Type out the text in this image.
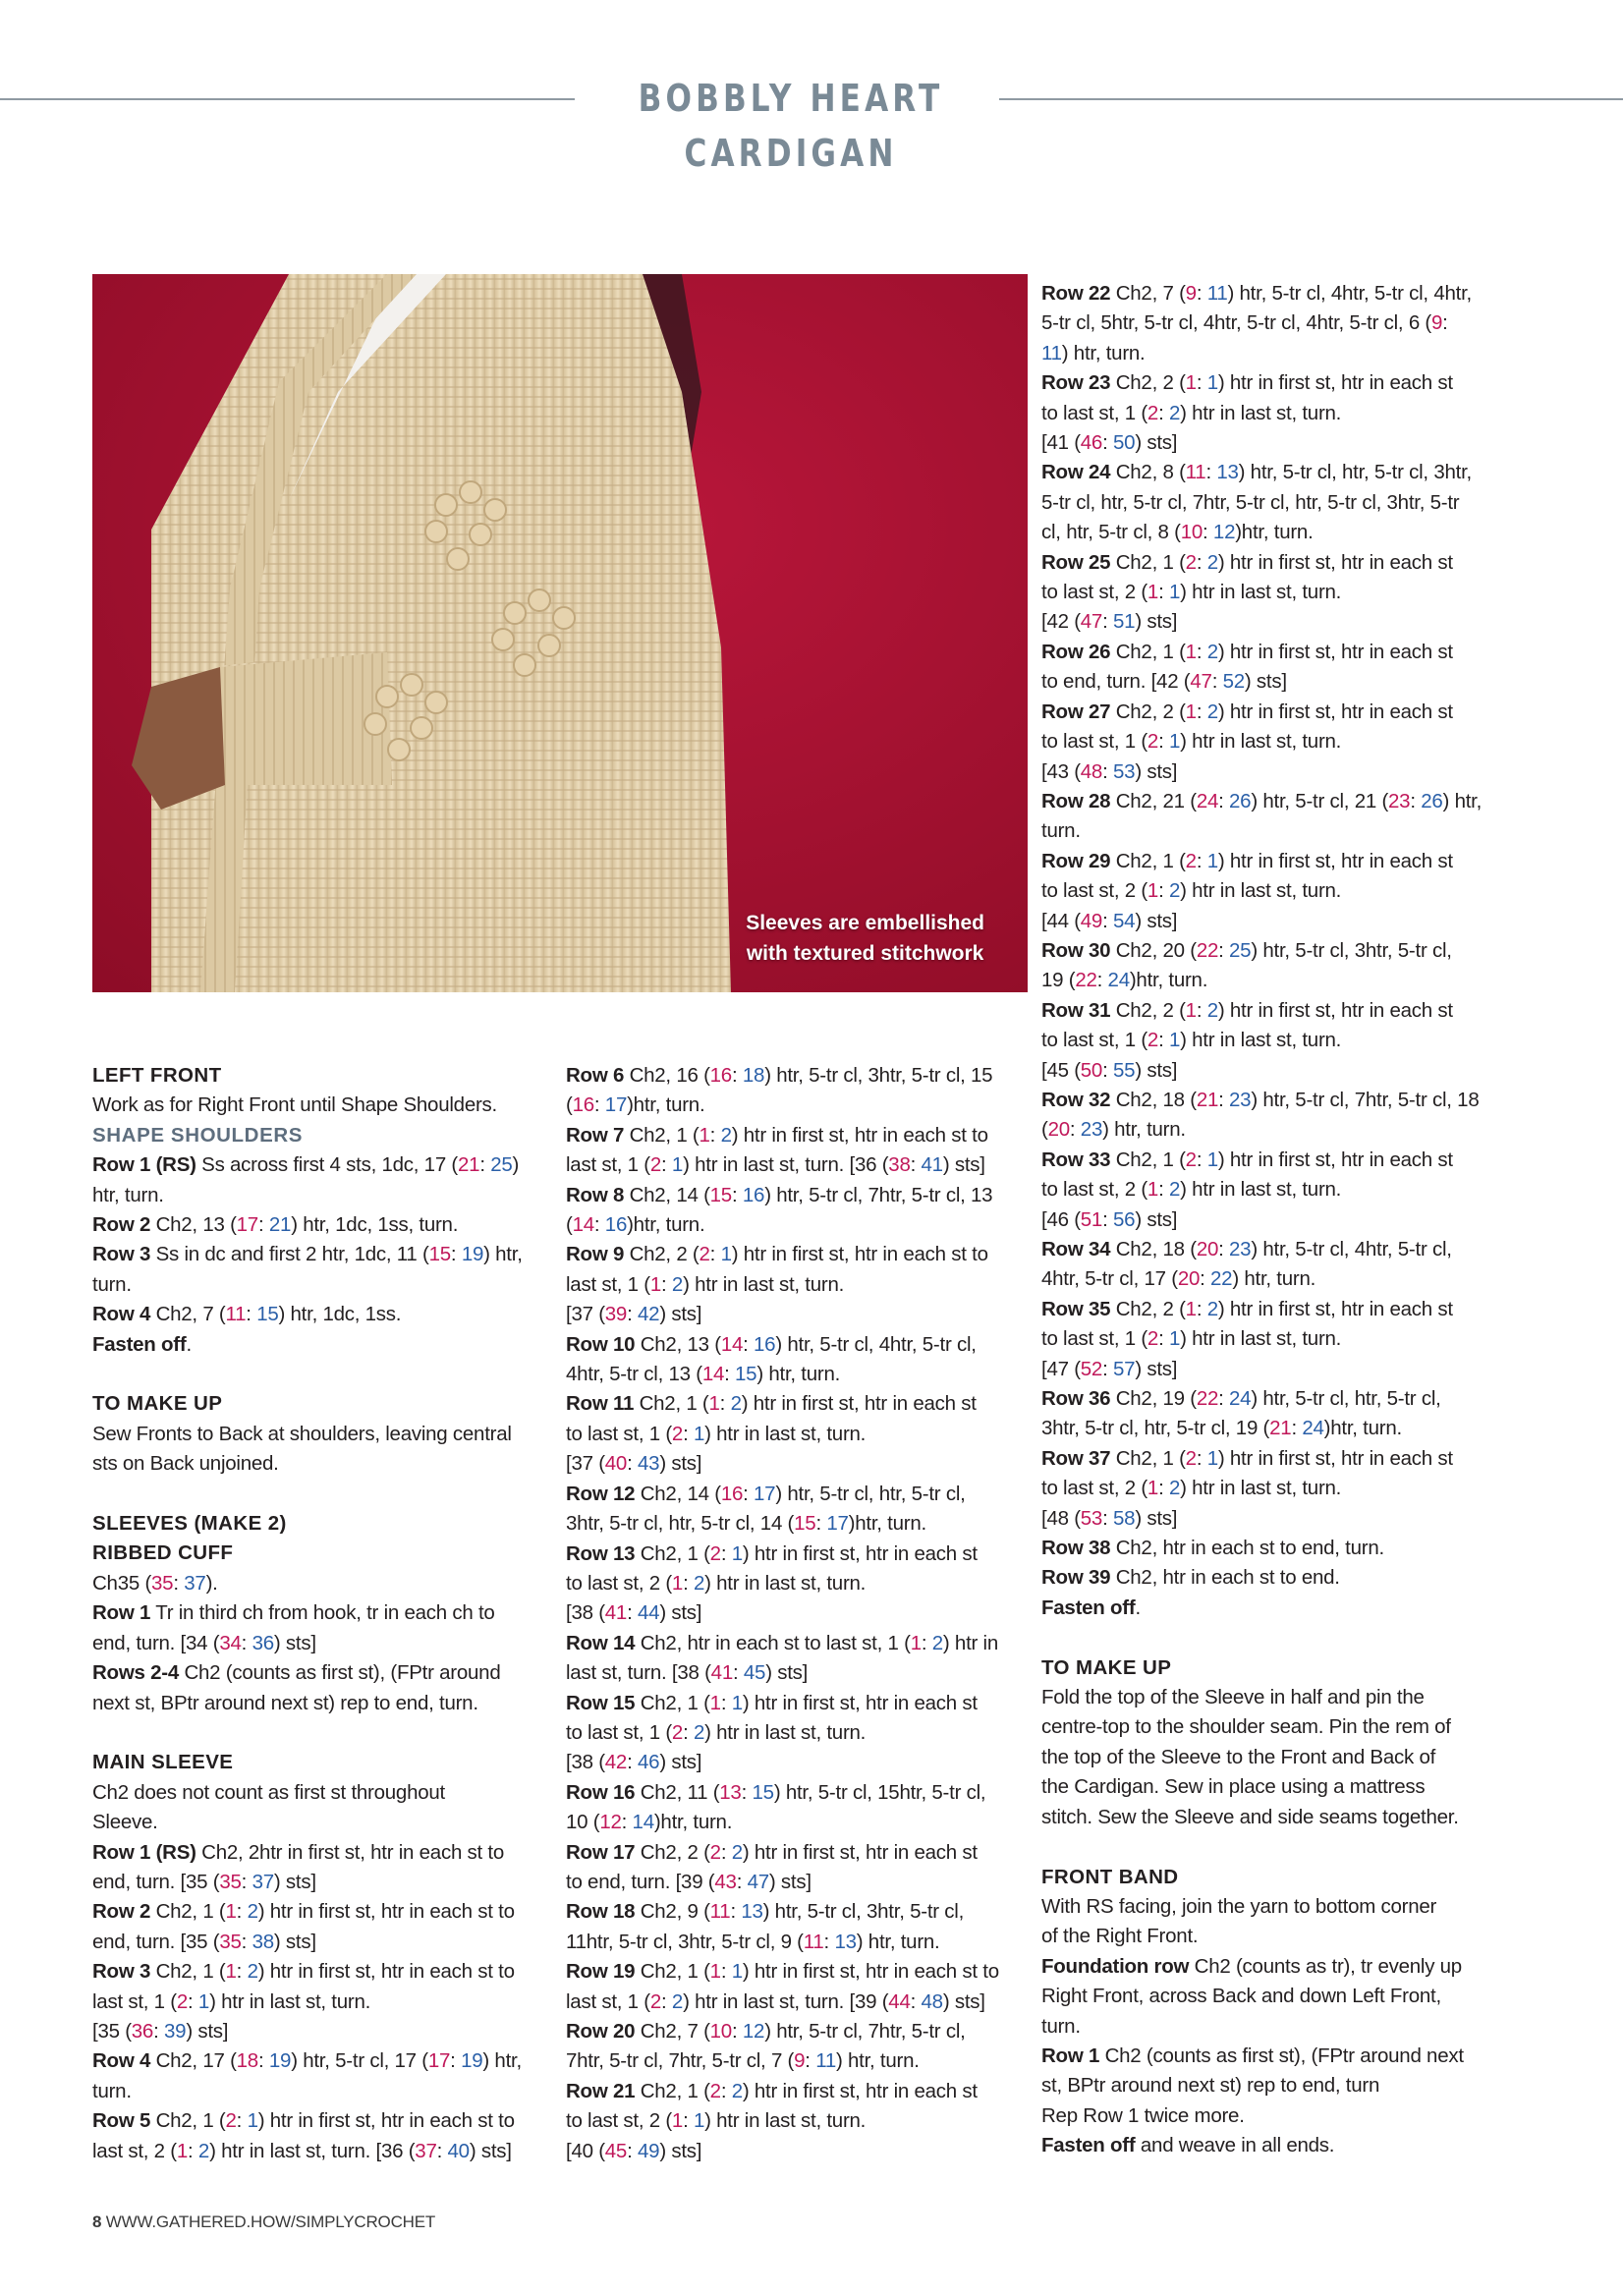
BOBBLY HEART CARDIGAN
Sleeves are embellished
with textured stitchwork

LEFT FRONT

Work as for Right Front until Shape Shoulders.

SHAPE SHOULDERS

Row 1 (RS) Ss across first 4 sts, 1dc, 17 (21: 25)

htr, turn.

Row 2 Ch2, 13 (17: 21) htr, 1dc, 1ss, turn.

Row 3 Ss in dc and first 2 htr, 1dc, 11 (15: 19) htr,

turn.

Row 4 Ch2, 7 (11: 15) htr, 1dc, 1ss.

Fasten off.

TO MAKE UP

Sew Fronts to Back at shoulders, leaving central

sts on Back unjoined.

SLEEVES (MAKE 2)

RIBBED CUFF

Ch35 (35: 37).

Row 1 Tr in third ch from hook, tr in each ch to

end, turn. [34 (34: 36) sts]

Rows 2-4 Ch2 (counts as first st), (FPtr around

next st, BPtr around next st) rep to end, turn.

MAIN SLEEVE

Ch2 does not count as first st throughout

Sleeve.

Row 1 (RS) Ch2, 2htr in first st, htr in each st to

end, turn. [35 (35: 37) sts]

Row 2 Ch2, 1 (1: 2) htr in first st, htr in each st to

end, turn. [35 (35: 38) sts]

Row 3 Ch2, 1 (1: 2) htr in first st, htr in each st to

last st, 1 (2: 1) htr in last st, turn.

[35 (36: 39) sts]

Row 4 Ch2, 17 (18: 19) htr, 5-tr cl, 17 (17: 19) htr,

turn.

Row 5 Ch2, 1 (2: 1) htr in first st, htr in each st to

last st, 2 (1: 2) htr in last st, turn. [36 (37: 40) sts]

Row 6 Ch2, 16 (16: 18) htr, 5-tr cl, 3htr, 5-tr cl, 15

(16: 17)htr, turn.

Row 7 Ch2, 1 (1: 2) htr in first st, htr in each st to

last st, 1 (2: 1) htr in last st, turn. [36 (38: 41) sts]

Row 8 Ch2, 14 (15: 16) htr, 5-tr cl, 7htr, 5-tr cl, 13

(14: 16)htr, turn.

Row 9 Ch2, 2 (2: 1) htr in first st, htr in each st to

last st, 1 (1: 2) htr in last st, turn.

[37 (39: 42) sts]

Row 10 Ch2, 13 (14: 16) htr, 5-tr cl, 4htr, 5-tr cl,

4htr, 5-tr cl, 13 (14: 15) htr, turn.

Row 11 Ch2, 1 (1: 2) htr in first st, htr in each st

to last st, 1 (2: 1) htr in last st, turn.

[37 (40: 43) sts]

Row 12 Ch2, 14 (16: 17) htr, 5-tr cl, htr, 5-tr cl,

3htr, 5-tr cl, htr, 5-tr cl, 14 (15: 17)htr, turn.

Row 13 Ch2, 1 (2: 1) htr in first st, htr in each st

to last st, 2 (1: 2) htr in last st, turn.

[38 (41: 44) sts]

Row 14 Ch2, htr in each st to last st, 1 (1: 2) htr in

last st, turn. [38 (41: 45) sts]

Row 15 Ch2, 1 (1: 1) htr in first st, htr in each st

to last st, 1 (2: 2) htr in last st, turn.

[38 (42: 46) sts]

Row 16 Ch2, 11 (13: 15) htr, 5-tr cl, 15htr, 5-tr cl,

10 (12: 14)htr, turn.

Row 17 Ch2, 2 (2: 2) htr in first st, htr in each st

to end, turn. [39 (43: 47) sts]

Row 18 Ch2, 9 (11: 13) htr, 5-tr cl, 3htr, 5-tr cl,

11htr, 5-tr cl, 3htr, 5-tr cl, 9 (11: 13) htr, turn.

Row 19 Ch2, 1 (1: 1) htr in first st, htr in each st to

last st, 1 (2: 2) htr in last st, turn. [39 (44: 48) sts]

Row 20 Ch2, 7 (10: 12) htr, 5-tr cl, 7htr, 5-tr cl,

7htr, 5-tr cl, 7htr, 5-tr cl, 7 (9: 11) htr, turn.

Row 21 Ch2, 1 (2: 2) htr in first st, htr in each st

to last st, 2 (1: 1) htr in last st, turn.

[40 (45: 49) sts]

Row 22 Ch2, 7 (9: 11) htr, 5-tr cl, 4htr, 5-tr cl, 4htr,

5-tr cl, 5htr, 5-tr cl, 4htr, 5-tr cl, 4htr, 5-tr cl, 6 (9:

11) htr, turn.

Row 23 Ch2, 2 (1: 1) htr in first st, htr in each st

to last st, 1 (2: 2) htr in last st, turn.

[41 (46: 50) sts]

Row 24 Ch2, 8 (11: 13) htr, 5-tr cl, htr, 5-tr cl, 3htr,

5-tr cl, htr, 5-tr cl, 7htr, 5-tr cl, htr, 5-tr cl, 3htr, 5-tr

cl, htr, 5-tr cl, 8 (10: 12)htr, turn.

Row 25 Ch2, 1 (2: 2) htr in first st, htr in each st

to last st, 2 (1: 1) htr in last st, turn.

[42 (47: 51) sts]

Row 26 Ch2, 1 (1: 2) htr in first st, htr in each st

to end, turn. [42 (47: 52) sts]

Row 27 Ch2, 2 (1: 2) htr in first st, htr in each st

to last st, 1 (2: 1) htr in last st, turn.

[43 (48: 53) sts]

Row 28 Ch2, 21 (24: 26) htr, 5-tr cl, 21 (23: 26) htr,

turn.

Row 29 Ch2, 1 (2: 1) htr in first st, htr in each st

to last st, 2 (1: 2) htr in last st, turn.

[44 (49: 54) sts]

Row 30 Ch2, 20 (22: 25) htr, 5-tr cl, 3htr, 5-tr cl,

19 (22: 24)htr, turn.

Row 31 Ch2, 2 (1: 2) htr in first st, htr in each st

to last st, 1 (2: 1) htr in last st, turn.

[45 (50: 55) sts]

Row 32 Ch2, 18 (21: 23) htr, 5-tr cl, 7htr, 5-tr cl, 18

(20: 23) htr, turn.

Row 33 Ch2, 1 (2: 1) htr in first st, htr in each st

to last st, 2 (1: 2) htr in last st, turn.

[46 (51: 56) sts]

Row 34 Ch2, 18 (20: 23) htr, 5-tr cl, 4htr, 5-tr cl,

4htr, 5-tr cl, 17 (20: 22) htr, turn.

Row 35 Ch2, 2 (1: 2) htr in first st, htr in each st

to last st, 1 (2: 1) htr in last st, turn.

[47 (52: 57) sts]

Row 36 Ch2, 19 (22: 24) htr, 5-tr cl, htr, 5-tr cl,

3htr, 5-tr cl, htr, 5-tr cl, 19 (21: 24)htr, turn.

Row 37 Ch2, 1 (2: 1) htr in first st, htr in each st

to last st, 2 (1: 2) htr in last st, turn.

[48 (53: 58) sts]

Row 38 Ch2, htr in each st to end, turn.

Row 39 Ch2, htr in each st to end.

Fasten off.

TO MAKE UP

Fold the top of the Sleeve in half and pin the

centre-top to the shoulder seam. Pin the rem of

the top of the Sleeve to the Front and Back of

the Cardigan. Sew in place using a mattress

stitch. Sew the Sleeve and side seams together.

FRONT BAND

With RS facing, join the yarn to bottom corner

of the Right Front.

Foundation row Ch2 (counts as tr), tr evenly up

Right Front, across Back and down Left Front,

turn.

Row 1 Ch2 (counts as first st), (FPtr around next

st, BPtr around next st) rep to end, turn

Rep Row 1 twice more.

Fasten off and weave in all ends.

8 WWW.GATHERED.HOW/SIMPLYCROCHET
